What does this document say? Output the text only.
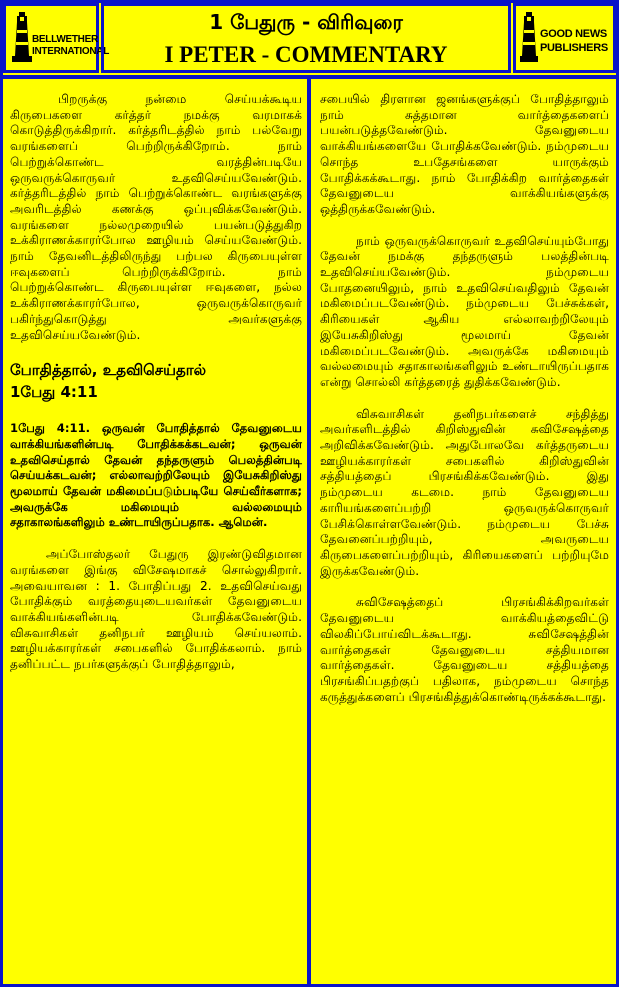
BELLWETHER
INTERNATIONAL
1 பேதுரு - விரிவுரை
I PETER - COMMENTARY
GOOD NEWS
PUBLISHERS

பிறருக்கு நன்மை செய்யக்கூடிய கிருபைகளை கர்த்தர் நமக்கு வரமாகக் கொடுத்திருக்கிறார். கர்த்தரிடத்தில் நாம் பல்வேறு வரங்களைப் பெற்றிருக்கிறோம். நாம் பெற்றுக்கொண்ட வரத்தின்படியே ஒருவருக்கொருவர் உதவிசெய்யவேண்டும். கர்த்தரிடத்தில் நாம் பெற்றுக்கொண்ட வரங்களுக்கு அவரிடத்தில் கணக்கு ஒப்புவிக்கவேண்டும். வரங்களை நல்லமுறையில் பயன்படுத்துகிற உக்கிராணக்காரர்போல ஊழியம் செய்யவேண்டும். நாம் தேவனிடத்திலிருந்து பற்பல கிருபையுள்ள ஈவுகளைப் பெற்றிருக்கிறோம். நாம் பெற்றுக்கொண்ட கிருபையுள்ள ஈவுகளை, நல்ல உக்கிராணக்காரர்போல, ஒருவருக்கொருவர் பகிர்ந்துகொடுத்து அவர்களுக்கு உதவிசெய்யவேண்டும்.

போதித்தால், உதவிசெய்தால்
1பேது 4:11

1பேது 4:11. ஒருவன் போதித்தால் தேவனுடைய வாக்கியங்களின்படி போதிக்கக்கடவன்; ஒருவன் உதவிசெய்தால் தேவன் தந்தருளும் பெலத்தின்படி செய்யக்கடவன்; எல்லாவற்றிலேயும் இயேசுகிறிஸ்து மூலமாய் தேவன் மகிமைப்படும்படியே செய்வீர்களாக; அவருக்கே மகிமையும் வல்லமையும் சதாகாலங்களிலும் உண்டாயிருப்பதாக. ஆமென்.

அப்போஸ்தலர் பேதுரு இரண்டுவிதமான வரங்களை இங்கு விசேஷமாகச் சொல்லுகிறார். அவையாவன : 1. போதிப்பது 2. உதவிசெய்வது போதிக்கும் வரத்தையுடையவர்கள் தேவனுடைய வாக்கியங்களின்படி போதிக்கவேண்டும். விசுவாசிகள் தனிநபர் ஊழியம் செய்யலாம். ஊழியக்காரர்கள் சபைகளில் போதிக்கலாம். நாம் தனிப்பட்ட நபர்களுக்குப் போதித்தாலும்,

சபையில் திரளான ஜனங்களுக்குப் போதித்தாலும் நாம் சுத்தமான வார்த்தைகளைப் பயன்படுத்தவேண்டும். தேவனுடைய வாக்கியங்களையே போதிக்கவேண்டும். நம்முடைய சொந்த உபதேசங்களை யாருக்கும் போதிக்கக்கூடாது. நாம் போதிக்கிற வார்த்தைகள் தேவனுடைய வாக்கியங்களுக்கு ஒத்திருக்கவேண்டும்.

நாம் ஒருவருக்கொருவர் உதவிசெய்யும்போது தேவன் நமக்கு தந்தருளும் பலத்தின்படி உதவிசெய்யவேண்டும். நம்முடைய போதனையிலும், நாம் உதவிசெய்வதிலும் தேவன் மகிமைப்படவேண்டும். நம்முடைய பேச்சுக்கள், கிரியைகள் ஆகிய எல்லாவற்றிலேயும் இயேசுகிறிஸ்து மூலமாய் தேவன் மகிமைப்படவேண்டும். அவருக்கே மகிமையும் வல்லமையும் சதாகாலங்களிலும் உண்டாயிருப்பதாக என்று சொல்லி கர்த்தரைத் துதிக்கவேண்டும்.

விசுவாசிகள் தனிநபர்களைச் சந்தித்து அவர்களிடத்தில் கிறிஸ்துவின் சுவிசேஷத்தை அறிவிக்கவேண்டும். அதுபோலவே கர்த்தருடைய ஊழியக்காரர்கள் சபைகளில் கிறிஸ்துவின் சத்தியத்தைப் பிரசங்கிக்கவேண்டும். இது நம்முடைய கடமை. நாம் தேவனுடைய காரியங்களைப்பற்றி ஒருவருக்கொருவர் பேசிக்கொள்ளவேண்டும். நம்முடைய பேச்சு தேவனைப்பற்றியும், அவருடைய கிருபைகளைப்பற்றியும், கிரியைகளைப் பற்றியுமே இருக்கவேண்டும்.

சுவிசேஷத்தைப் பிரசங்கிக்கிறவர்கள் தேவனுடைய வாக்கியத்தைவிட்டு விலகிப்போய்விடக்கூடாது. சுவிசேஷத்தின் வார்த்தைகள் தேவனுடைய சத்தியமான வார்த்தைகள். தேவனுடைய சத்தியத்தை பிரசங்கிப்பதற்குப் பதிலாக, நம்முடைய சொந்த கருத்துக்களைப் பிரசங்கித்துக்கொண்டிருக்கக்கூடாது.
